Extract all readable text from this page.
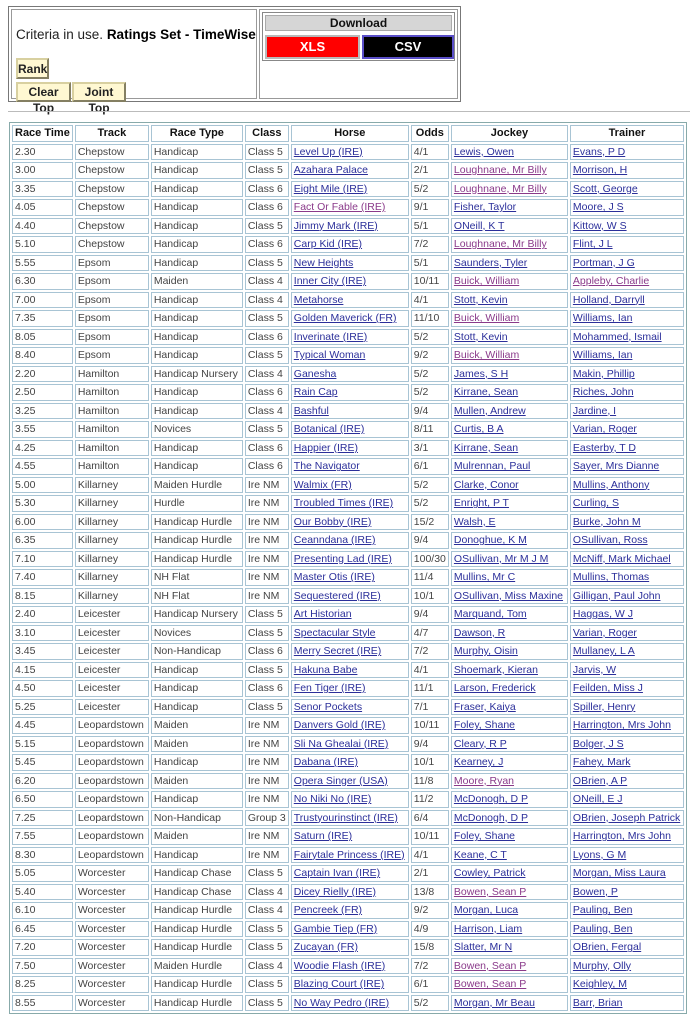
Criteria in use. Ratings Set - TimeWise
Rank
Clear Top
Joint Top
Download
XLS	CSV
Race Time	Track	Race Type	Class	Horse	Odds	Jockey	Trainer
2.30	Chepstow	Handicap	Class 5	Level Up (IRE)	4/1	Lewis, Owen	Evans, P D
3.00	Chepstow	Handicap	Class 5	Azahara Palace	2/1	Loughnane, Mr Billy	Morrison, H
3.35	Chepstow	Handicap	Class 6	Eight Mile (IRE)	5/2	Loughnane, Mr Billy	Scott, George
4.05	Chepstow	Handicap	Class 6	Fact Or Fable (IRE)	9/1	Fisher, Taylor	Moore, J S
4.40	Chepstow	Handicap	Class 5	Jimmy Mark (IRE)	5/1	ONeill, K T	Kittow, W S
5.10	Chepstow	Handicap	Class 6	Carp Kid (IRE)	7/2	Loughnane, Mr Billy	Flint, J L
5.55	Epsom	Handicap	Class 5	New Heights	5/1	Saunders, Tyler	Portman, J G
6.30	Epsom	Maiden	Class 4	Inner City (IRE)	10/11	Buick, William	Appleby, Charlie
7.00	Epsom	Handicap	Class 4	Metahorse	4/1	Stott, Kevin	Holland, Darryll
7.35	Epsom	Handicap	Class 5	Golden Maverick (FR)	11/10	Buick, William	Williams, Ian
8.05	Epsom	Handicap	Class 6	Inverinate (IRE)	5/2	Stott, Kevin	Mohammed, Ismail
8.40	Epsom	Handicap	Class 5	Typical Woman	9/2	Buick, William	Williams, Ian
2.20	Hamilton	Handicap Nursery	Class 4	Ganesha	5/2	James, S H	Makin, Phillip
2.50	Hamilton	Handicap	Class 6	Rain Cap	5/2	Kirrane, Sean	Riches, John
3.25	Hamilton	Handicap	Class 4	Bashful	9/4	Mullen, Andrew	Jardine, I
3.55	Hamilton	Novices	Class 5	Botanical (IRE)	8/11	Curtis, B A	Varian, Roger
4.25	Hamilton	Handicap	Class 6	Happier (IRE)	3/1	Kirrane, Sean	Easterby, T D
4.55	Hamilton	Handicap	Class 6	The Navigator	6/1	Mulrennan, Paul	Sayer, Mrs Dianne
5.00	Killarney	Maiden Hurdle	Ire NM	Walmix (FR)	5/2	Clarke, Conor	Mullins, Anthony
5.30	Killarney	Hurdle	Ire NM	Troubled Times (IRE)	5/2	Enright, P T	Curling, S
6.00	Killarney	Handicap Hurdle	Ire NM	Our Bobby (IRE)	15/2	Walsh, E	Burke, John M
6.35	Killarney	Handicap Hurdle	Ire NM	Ceanndana (IRE)	9/4	Donoghue, K M	OSullivan, Ross
7.10	Killarney	Handicap Hurdle	Ire NM	Presenting Lad (IRE)	100/30	OSullivan, Mr M J M	McNiff, Mark Michael
7.40	Killarney	NH Flat	Ire NM	Master Otis (IRE)	11/4	Mullins, Mr C	Mullins, Thomas
8.15	Killarney	NH Flat	Ire NM	Sequestered (IRE)	10/1	OSullivan, Miss Maxine	Gilligan, Paul John
2.40	Leicester	Handicap Nursery	Class 5	Art Historian	9/4	Marquand, Tom	Haggas, W J
3.10	Leicester	Novices	Class 5	Spectacular Style	4/7	Dawson, R	Varian, Roger
3.45	Leicester	Non-Handicap	Class 6	Merry Secret (IRE)	7/2	Murphy, Oisin	Mullaney, L A
4.15	Leicester	Handicap	Class 5	Hakuna Babe	4/1	Shoemark, Kieran	Jarvis, W
4.50	Leicester	Handicap	Class 6	Fen Tiger (IRE)	11/1	Larson, Frederick	Feilden, Miss J
5.25	Leicester	Handicap	Class 5	Senor Pockets	7/1	Fraser, Kaiya	Spiller, Henry
4.45	Leopardstown	Maiden	Ire NM	Danvers Gold (IRE)	10/11	Foley, Shane	Harrington, Mrs John
5.15	Leopardstown	Maiden	Ire NM	Sli Na Ghealai (IRE)	9/4	Cleary, R P	Bolger, J S
5.45	Leopardstown	Handicap	Ire NM	Dabana (IRE)	10/1	Kearney, J	Fahey, Mark
6.20	Leopardstown	Maiden	Ire NM	Opera Singer (USA)	11/8	Moore, Ryan	OBrien, A P
6.50	Leopardstown	Handicap	Ire NM	No Niki No (IRE)	11/2	McDonogh, D P	ONeill, E J
7.25	Leopardstown	Non-Handicap	Group 3	Trustyourinstinct (IRE)	6/4	McDonogh, D P	OBrien, Joseph Patrick
7.55	Leopardstown	Maiden	Ire NM	Saturn (IRE)	10/11	Foley, Shane	Harrington, Mrs John
8.30	Leopardstown	Handicap	Ire NM	Fairytale Princess (IRE)	4/1	Keane, C T	Lyons, G M
5.05	Worcester	Handicap Chase	Class 5	Captain Ivan (IRE)	2/1	Cowley, Patrick	Morgan, Miss Laura
5.40	Worcester	Handicap Chase	Class 4	Dicey Rielly (IRE)	13/8	Bowen, Sean P	Bowen, P
6.10	Worcester	Handicap Hurdle	Class 4	Pencreek (FR)	9/2	Morgan, Luca	Pauling, Ben
6.45	Worcester	Handicap Hurdle	Class 5	Gambie Tiep (FR)	4/9	Harrison, Liam	Pauling, Ben
7.20	Worcester	Handicap Hurdle	Class 5	Zucayan (FR)	15/8	Slatter, Mr N	OBrien, Fergal
7.50	Worcester	Maiden Hurdle	Class 4	Woodie Flash (IRE)	7/2	Bowen, Sean P	Murphy, Olly
8.25	Worcester	Handicap Hurdle	Class 5	Blazing Court (IRE)	6/1	Bowen, Sean P	Keighley, M
8.55	Worcester	Handicap Hurdle	Class 5	No Way Pedro (IRE)	5/2	Morgan, Mr Beau	Barr, Brian
